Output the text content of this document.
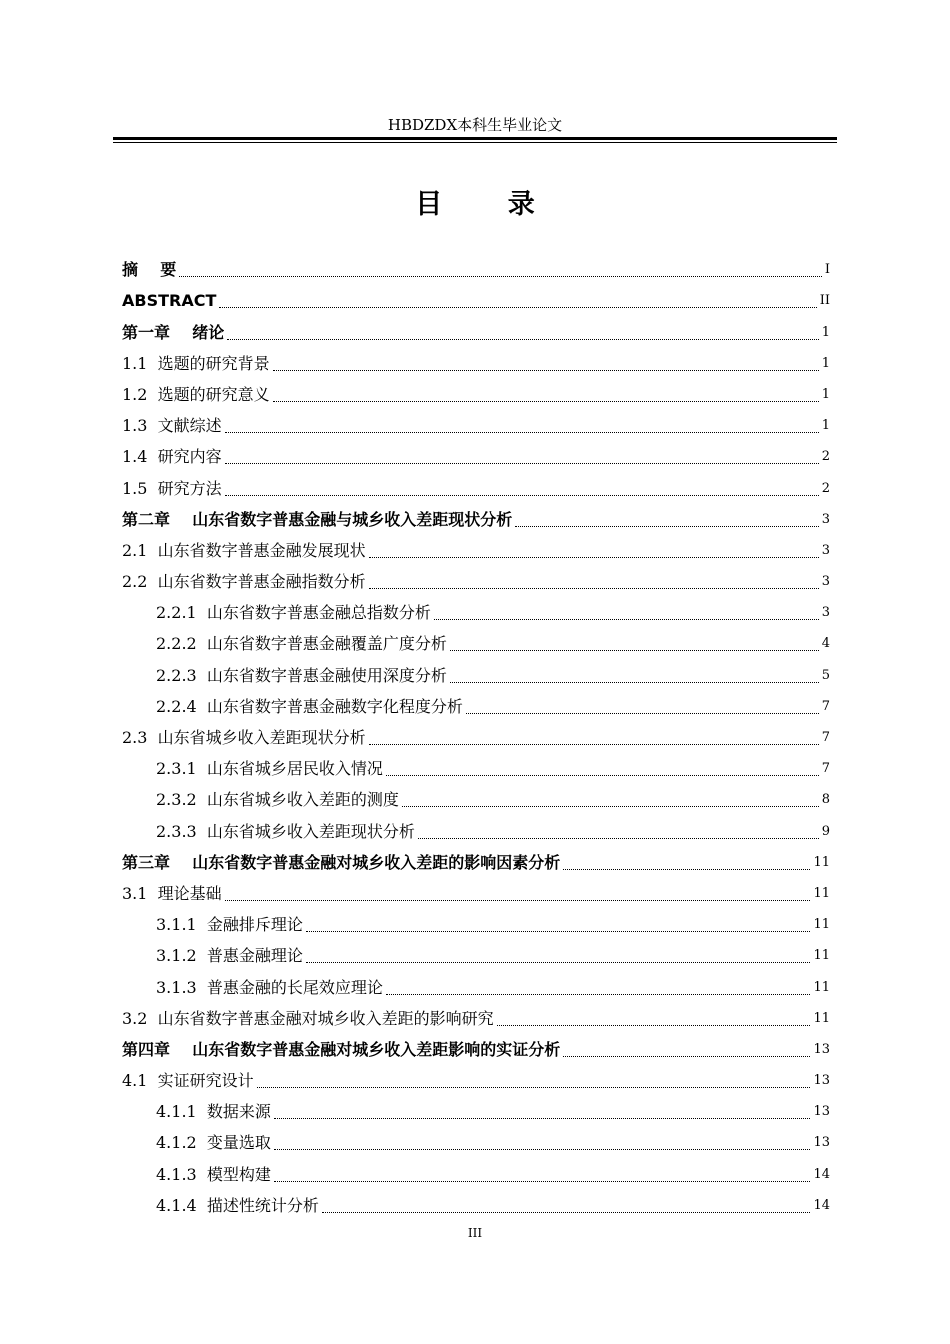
HBDZDX本科生毕业论文
目 录
摘    要	I
ABSTRACT	II
第一章    绪论	1
1.1  选题的研究背景	1
1.2  选题的研究意义	1
1.3  文献综述	1
1.4  研究内容	2
1.5  研究方法	2
第二章    山东省数字普惠金融与城乡收入差距现状分析	3
2.1  山东省数字普惠金融发展现状	3
2.2  山东省数字普惠金融指数分析	3
2.2.1  山东省数字普惠金融总指数分析	3
2.2.2  山东省数字普惠金融覆盖广度分析	4
2.2.3  山东省数字普惠金融使用深度分析	5
2.2.4  山东省数字普惠金融数字化程度分析	7
2.3  山东省城乡收入差距现状分析	7
2.3.1  山东省城乡居民收入情况	7
2.3.2  山东省城乡收入差距的测度	8
2.3.3  山东省城乡收入差距现状分析	9
第三章    山东省数字普惠金融对城乡收入差距的影响因素分析	11
3.1  理论基础	11
3.1.1  金融排斥理论	11
3.1.2  普惠金融理论	11
3.1.3  普惠金融的长尾效应理论	11
3.2  山东省数字普惠金融对城乡收入差距的影响研究	11
第四章    山东省数字普惠金融对城乡收入差距影响的实证分析	13
4.1  实证研究设计	13
4.1.1  数据来源	13
4.1.2  变量选取	13
4.1.3  模型构建	14
4.1.4  描述性统计分析	14
III
